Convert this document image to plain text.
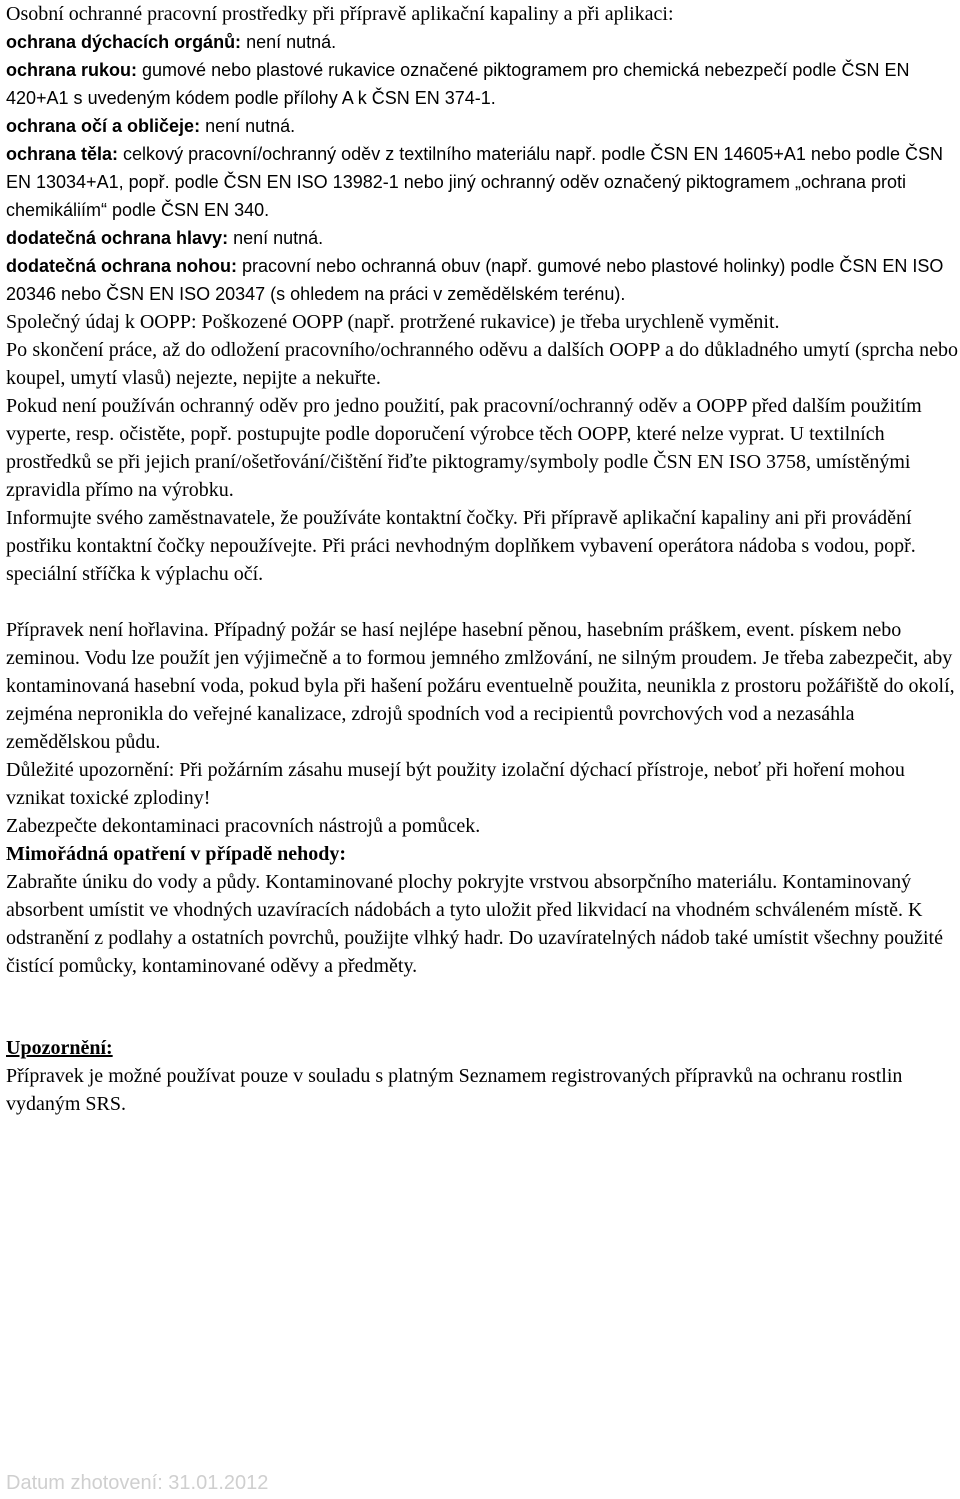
Osobní ochranné pracovní prostředky při přípravě aplikační kapaliny a při aplikaci:

ochrana dýchacích orgánů: není nutná.

ochrana rukou: gumové nebo plastové rukavice označené piktogramem pro chemická nebezpečí podle ČSN EN 420+A1 s uvedeným kódem podle přílohy A k ČSN EN 374-1.

ochrana očí a obličeje: není nutná.

ochrana těla: celkový pracovní/ochranný oděv z textilního materiálu např. podle ČSN EN 14605+A1 nebo podle ČSN EN 13034+A1, popř. podle ČSN EN ISO 13982-1 nebo jiný ochranný oděv označený piktogramem „ochrana proti chemikáliím“ podle ČSN EN 340.

dodatečná ochrana hlavy: není nutná.

dodatečná ochrana nohou: pracovní nebo ochranná obuv (např. gumové nebo plastové holinky) podle ČSN EN ISO 20346 nebo ČSN EN ISO 20347 (s ohledem na práci v zemědělském terénu).

Společný údaj k OOPP: Poškozené OOPP (např. protržené rukavice) je třeba urychleně vyměnit.

Po skončení práce, až do odložení pracovního/ochranného oděvu a dalších OOPP a do důkladného umytí (sprcha nebo koupel, umytí vlasů) nejezte, nepijte a nekuřte.

Pokud není používán ochranný oděv pro jedno použití, pak pracovní/ochranný oděv a OOPP před dalším použitím vyperte, resp. očistěte, popř. postupujte podle doporučení výrobce těch OOPP, které nelze vyprat. U textilních prostředků se při jejich praní/ošetřování/čištění řiďte piktogramy/symboly podle ČSN EN ISO 3758, umístěnými zpravidla přímo na výrobku.

Informujte svého zaměstnavatele, že používáte kontaktní čočky. Při přípravě aplikační kapaliny ani při provádění postřiku kontaktní čočky nepoužívejte. Při práci nevhodným doplňkem vybavení operátora nádoba s vodou, popř. speciální stříčka k výplachu očí.

Přípravek není hořlavina. Případný požár se hasí nejlépe hasební pěnou, hasebním práškem, event. pískem nebo zeminou. Vodu lze použít jen výjimečně a to formou jemného zmlžování, ne silným proudem. Je třeba zabezpečit, aby kontaminovaná hasební voda, pokud byla při hašení požáru eventuelně použita, neunikla z prostoru požářiště do okolí, zejména nepronikla do veřejné kanalizace, zdrojů spodních vod a recipientů povrchových vod a nezasáhla zemědělskou půdu.

Důležité upozornění: Při požárním zásahu musejí být použity izolační dýchací přístroje, neboť při hoření mohou vznikat toxické zplodiny!

Zabezpečte dekontaminaci pracovních nástrojů a pomůcek.

Mimořádná opatření v případě nehody:

Zabraňte úniku do vody a půdy. Kontaminované plochy pokryjte vrstvou absorpčního materiálu. Kontaminovaný absorbent umístit ve vhodných uzavíracích nádobách a tyto uložit před likvidací na vhodném schváleném místě. K odstranění z podlahy a ostatních povrchů, použijte vlhký hadr. Do uzavíratelných nádob také umístit všechny použité čistící pomůcky, kontaminované oděvy a předměty.

Upozornění:

Přípravek je možné používat pouze v souladu s platným Seznamem registrovaných přípravků na ochranu rostlin vydaným SRS.

Datum zhotovení: 31.01.2012
